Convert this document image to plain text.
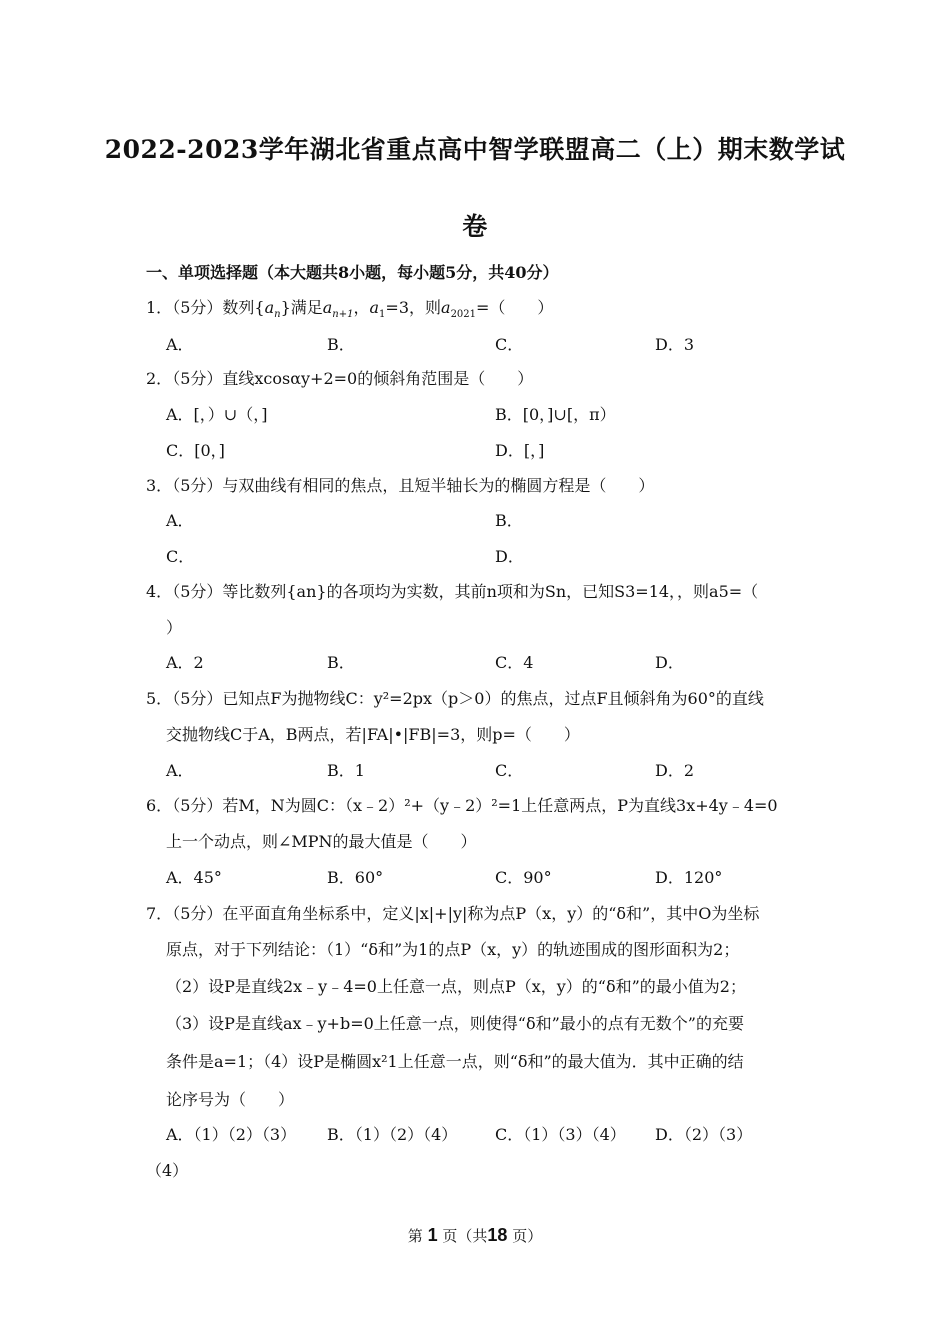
2022-2023学年湖北省重点高中智学联盟高二（上）期末数学试
卷
一、单项选择题（本大题共8小题，每小题5分，共40分）
1．（5分）数列$\{a_n\}$满足$a_{n+1}$，$a_1=3$，则$a_{2021}=$（　　）
A．	B．	C．	D．3
2．（5分）直线xcosαy+2=0的倾斜角范围是（　　）
A．[，）∪（，]	B．[0，]∪[，π）
C．[0，]	D．[，]
3．（5分）与双曲线有相同的焦点，且短半轴长为的椭圆方程是（　　）
A．	B．
C．	D．
4．（5分）等比数列{an}的各项均为实数，其前n项和为Sn，已知S3=14，，则a5=（
）
A．2	B．	C．4	D．
5．（5分）已知点F为抛物线C：y²=2px（p＞0）的焦点，过点F且倾斜角为60°的直线
交抛物线C于A，B两点，若|FA|•|FB|=3，则p=（　　）
A．	B．1	C．	D．2
6．（5分）若M，N为圆C：（x﹣2）²+（y﹣2）²=1上任意两点，P为直线3x+4y﹣4=0
上一个动点，则∠MPN的最大值是（　　）
A．45°	B．60°	C．90°	D．120°
7．（5分）在平面直角坐标系中，定义|x|+|y|称为点P（x，y）的“δ和”，其中O为坐标
原点，对于下列结论：（1）“δ和”为1的点P（x，y）的轨迹围成的图形面积为2；
（2）设P是直线2x﹣y﹣4=0上任意一点，则点P（x，y）的“δ和”的最小值为2；
（3）设P是直线ax﹣y+b=0上任意一点，则使得“δ和”最小的点有无数个”的充要
条件是a=1；（4）设P是椭圆x²1上任意一点，则“δ和”的最大值为．其中正确的结
论序号为（　　）
A．（1）（2）（3） B．（1）（2）（4） C．（1）（3）（4） D．（2）（3）
（4）
第 1 页（共18 页）
